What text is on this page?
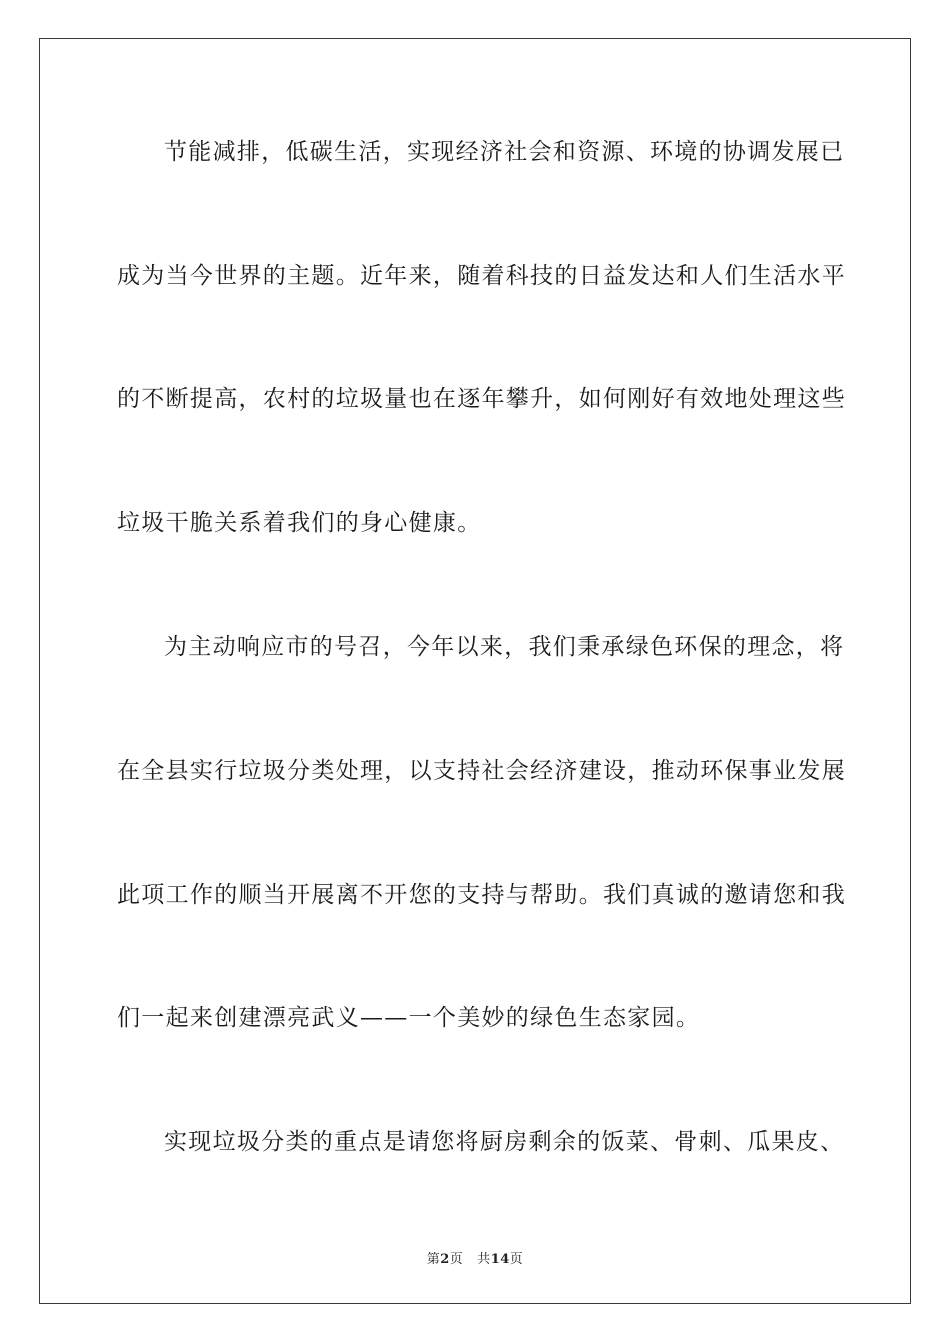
节能减排，低碳生活，实现经济社会和资源、环境的协调发展已
成为当今世界的主题。近年来，随着科技的日益发达和人们生活水平
的不断提高，农村的垃圾量也在逐年攀升，如何刚好有效地处理这些
垃圾干脆关系着我们的身心健康。
为主动响应市的号召，今年以来，我们秉承绿色环保的理念，将
在全县实行垃圾分类处理，以支持社会经济建设，推动环保事业发展
此项工作的顺当开展离不开您的支持与帮助。我们真诚的邀请您和我
们一起来创建漂亮武义——一个美妙的绿色生态家园。
实现垃圾分类的重点是请您将厨房剩余的饭菜、骨刺、瓜果皮、
第2页 共14页
